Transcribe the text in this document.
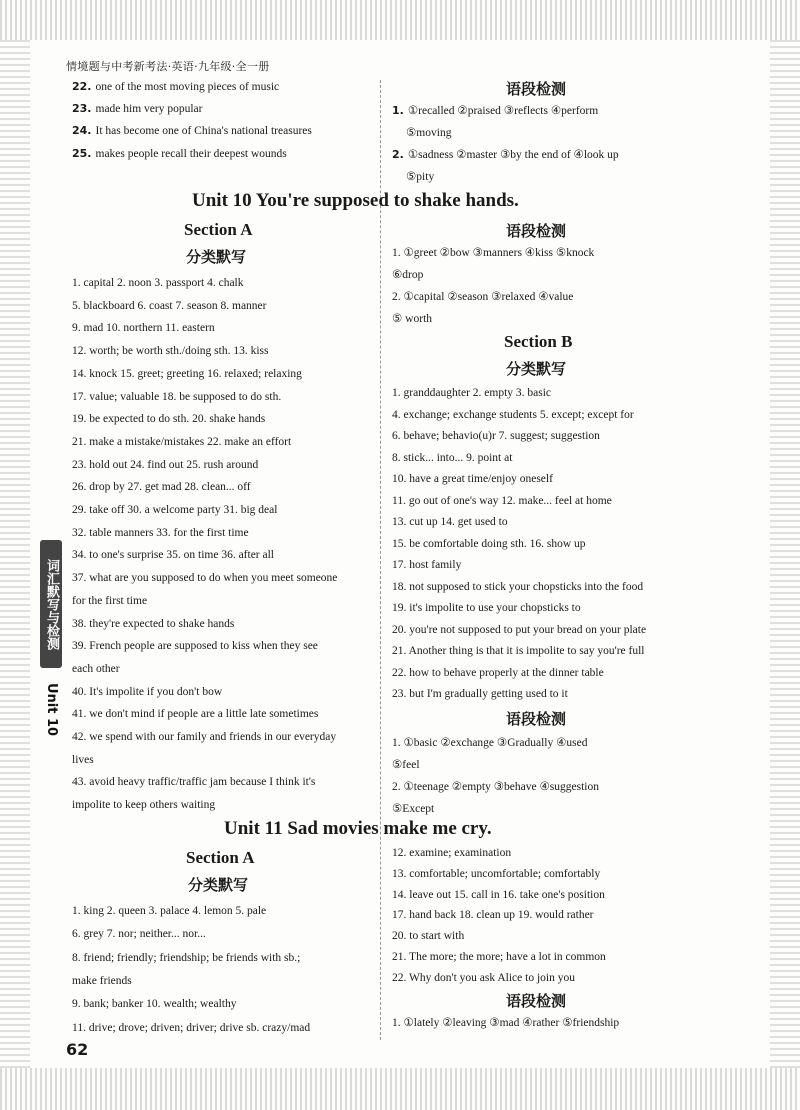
情境题与中考新考法·英语·九年级·全一册
词汇默写与检测
Unit 10
22. one of the most moving pieces of music
23. made him very popular
24. It has become one of China's national treasures
25. makes people recall their deepest wounds
语段检测
1. ①recalled ②praised ③reflects ④perform
⑤moving
2. ①sadness ②master ③by the end of ④look up
⑤pity
Unit 10 You're supposed to shake hands.
Section A
分类默写
1. capital 2. noon 3. passport 4. chalk
5. blackboard 6. coast 7. season 8. manner
9. mad 10. northern 11. eastern
12. worth; be worth sth./doing sth. 13. kiss
14. knock 15. greet; greeting 16. relaxed; relaxing
17. value; valuable 18. be supposed to do sth.
19. be expected to do sth. 20. shake hands
21. make a mistake/mistakes 22. make an effort
23. hold out 24. find out 25. rush around
26. drop by 27. get mad 28. clean... off
29. take off 30. a welcome party 31. big deal
32. table manners 33. for the first time
34. to one's surprise 35. on time 36. after all
37. what are you supposed to do when you meet someone
for the first time
38. they're expected to shake hands
39. French people are supposed to kiss when they see
each other
40. It's impolite if you don't bow
41. we don't mind if people are a little late sometimes
42. we spend with our family and friends in our everyday
lives
43. avoid heavy traffic/traffic jam because I think it's
impolite to keep others waiting
语段检测
1. ①greet ②bow ③manners ④kiss ⑤knock
⑥drop
2. ①capital ②season ③relaxed ④value
⑤ worth
Section B
分类默写
1. granddaughter 2. empty 3. basic
4. exchange; exchange students 5. except; except for
6. behave; behavio(u)r 7. suggest; suggestion
8. stick... into... 9. point at
10. have a great time/enjoy oneself
11. go out of one's way 12. make... feel at home
13. cut up 14. get used to
15. be comfortable doing sth. 16. show up
17. host family
18. not supposed to stick your chopsticks into the food
19. it's impolite to use your chopsticks to
20. you're not supposed to put your bread on your plate
21. Another thing is that it is impolite to say you're full
22. how to behave properly at the dinner table
23. but I'm gradually getting used to it
语段检测
1. ①basic ②exchange ③Gradually ④used
⑤feel
2. ①teenage ②empty ③behave ④suggestion
⑤Except
Unit 11 Sad movies make me cry.
Section A
分类默写
1. king 2. queen 3. palace 4. lemon 5. pale
6. grey 7. nor; neither... nor...
8. friend; friendly; friendship; be friends with sb.;
make friends
9. bank; banker 10. wealth; wealthy
11. drive; drove; driven; driver; drive sb. crazy/mad
12. examine; examination
13. comfortable; uncomfortable; comfortably
14. leave out 15. call in 16. take one's position
17. hand back 18. clean up 19. would rather
20. to start with
21. The more; the more; have a lot in common
22. Why don't you ask Alice to join you
语段检测
1. ①lately ②leaving ③mad ④rather ⑤friendship
62
